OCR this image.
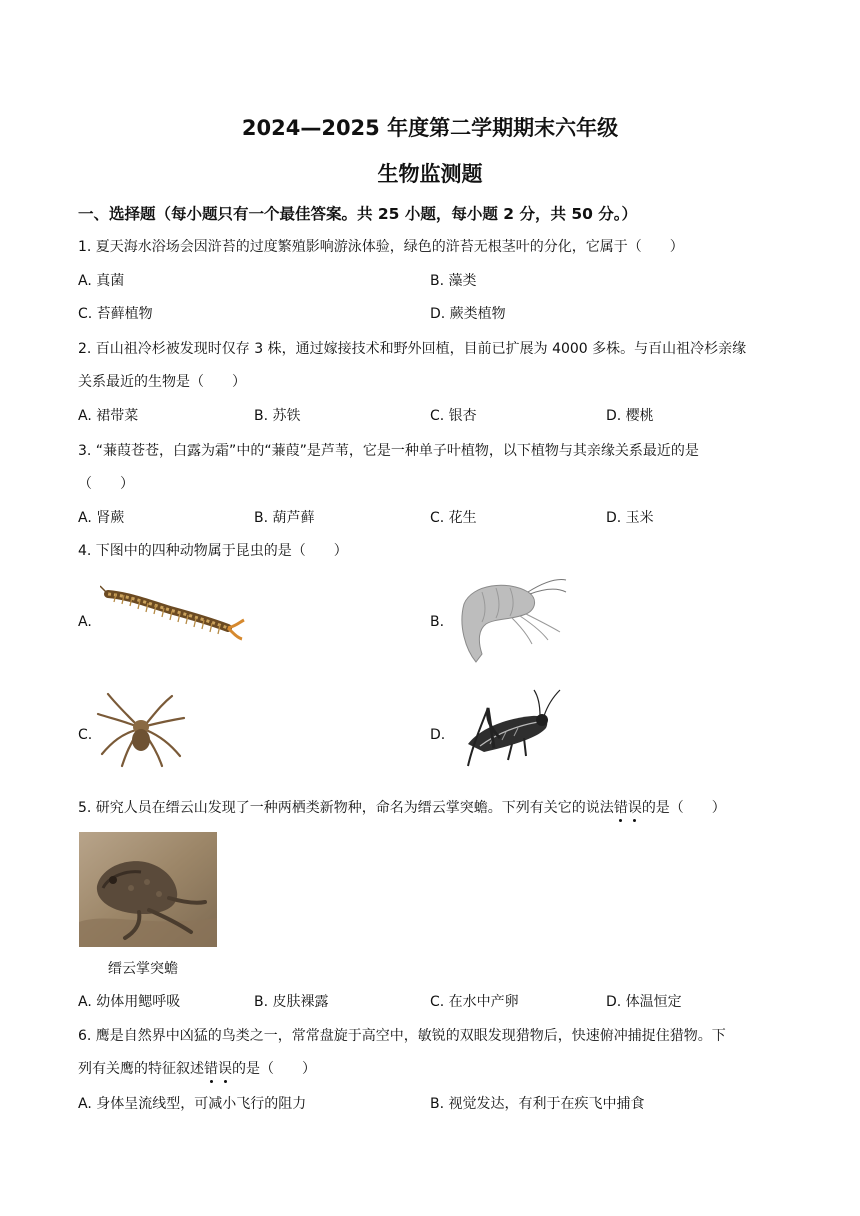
2024—2025 年度第二学期期末六年级
生物监测题
一、选择题（每小题只有一个最佳答案。共 25 小题，每小题 2 分，共 50 分。）
1. 夏天海水浴场会因浒苔的过度繁殖影响游泳体验，绿色的浒苔无根茎叶的分化，它属于（　　）
A. 真菌	B. 藻类
C. 苔藓植物	D. 蕨类植物
2. 百山祖冷杉被发现时仅存 3 株，通过嫁接技术和野外回植，目前已扩展为 4000 多株。与百山祖冷杉亲缘
关系最近的生物是（　　）
A. 裙带菜	B. 苏铁	C. 银杏	D. 樱桃
3. “蒹葭苍苍，白露为霜”中的“蒹葭”是芦苇，它是一种单子叶植物，以下植物与其亲缘关系最近的是
（　　）
A. 肾蕨	B. 葫芦藓	C. 花生	D. 玉米
4. 下图中的四种动物属于昆虫的是（　　）
A.	B.
C.	D.
5. 研究人员在缙云山发现了一种两栖类新物种，命名为缙云掌突蟾。下列有关它的说法错误的是（　　）
缙云掌突蟾
A. 幼体用鳃呼吸	B. 皮肤裸露	C. 在水中产卵	D. 体温恒定
6. 鹰是自然界中凶猛的鸟类之一，常常盘旋于高空中，敏锐的双眼发现猎物后，快速俯冲捕捉住猎物。下
列有关鹰的特征叙述错误的是（　　）
A. 身体呈流线型，可减小飞行的阻力	B. 视觉发达，有利于在疾飞中捕食
